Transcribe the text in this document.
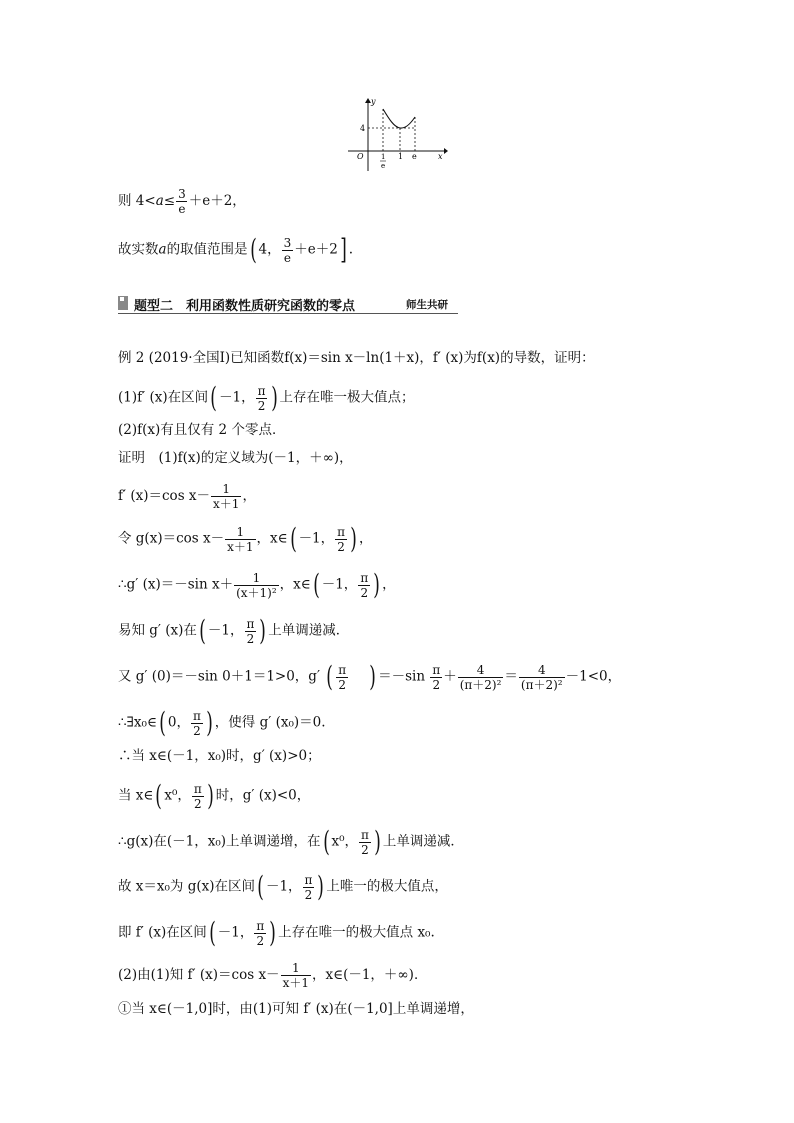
y
x
O
4
1
e
1 e
则 $4<a\le \frac{3}{e} +e+2$，
故实数a的取值范围是( 4， $\frac{3}{e} +e+2$] .
题型二　利用函数性质研究函数的零点	师生共研
例 2 (2019·全国Ⅰ)已知函数f(x)＝sin x－ln(1＋x)，f′ (x)为f(x)的导数，证明：
(1)f′ (x)在区间( －1， $\frac{\pi}{2}$ ) 上存在唯一极大值点；
(2)f(x)有且仅有 2 个零点．
证明　(1)f(x)的定义域为(－1，＋∞)，
f′ (x)＝cos $x- \frac{1}{x+1}$ ，
令 g(x)＝cos $x- \frac{1}{x+1}$ ，x∈( －1， $\frac{\pi}{2}$ ) ，
∴g′ (x)＝－sin $x+ \frac{1}{\text{(x＋1)²}}$ ，x∈( －1， $\frac{\pi}{2}$ ) ，
易知 g′ (x)在( －1， $\frac{\pi}{2}$ ) 上单调递减．
又 g′ (0)＝－sin 0＋1＝1>0，g′ ( $\frac{\pi}{2}$ ) $=-\sin \frac{\pi}{2} + \frac{4}{\text{(π＋2)²}} = \frac{4}{\text{(π＋2)²}} -1<0$，
∴∃x₀∈( 0， $\frac{\pi}{2}$ ) ，使得 g′ (x₀)＝0.
∴当 x∈(－1，x₀)时，g′ (x)>0；
当 x∈( x⁰， $\frac{\pi}{2}$ ) 时，g′ (x)<0，
∴g(x)在(－1，x₀)上单调递增，在( x⁰， $\frac{\pi}{2}$ ) 上单调递减．
故 x＝x₀为 g(x)在区间( －1， $\frac{\pi}{2}$ ) 上唯一的极大值点，
即 f′ (x)在区间( －1， $\frac{\pi}{2}$ ) 上存在唯一的极大值点 x₀.
(2)由(1)知 f′ (x)＝cos $x- \frac{1}{x+1}$ ，x∈(－1，＋∞)．
①当 x∈(－1,0]时，由(1)可知 f′ (x)在(－1,0]上单调递增，
